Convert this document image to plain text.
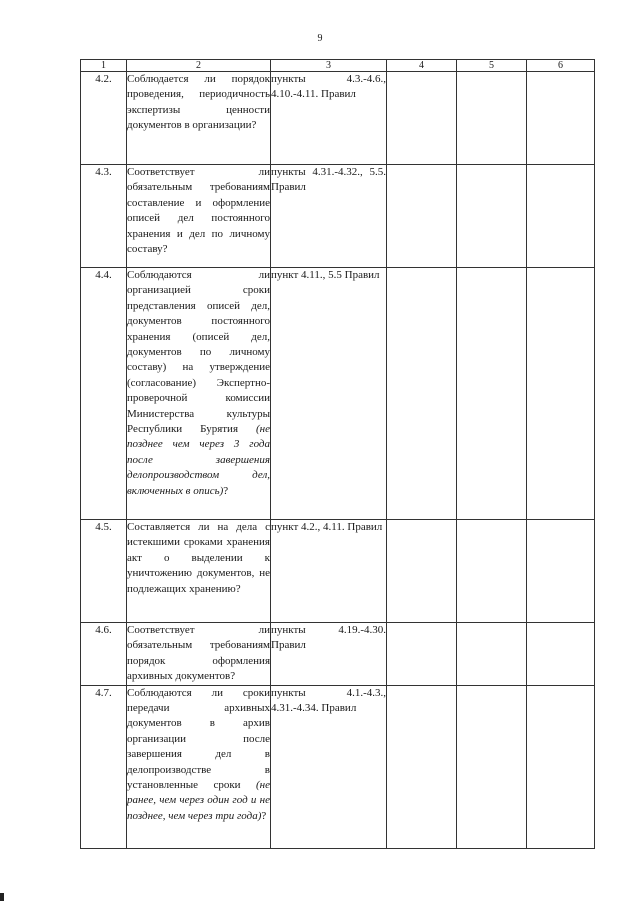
9
1	2	3	4	5	6
4.2.	Соблюдается ли порядок проведения, периодичность экспертизы ценности документов в организации?	пункты 4.3.-4.6., 4.10.-4.11. Правил			
4.3.	Соответствует ли обязательным требованиям составление и оформление описей дел постоянного хранения и дел по личному составу?	пункты 4.31.-4.32., 5.5. Правил			
4.4.	Соблюдаются ли организацией сроки представления описей дел, документов постоянного хранения (описей дел, документов по личному составу) на утверждение (согласование) Экспертно-проверочной комиссии Министерства культуры Республики Бурятия (не позднее чем через 3 года после завершения делопроизводством дел, включенных в опись)?	пункт 4.11., 5.5 Правил			
4.5.	Составляется ли на дела с истекшими сроками хранения акт о выделении к уничтожению документов, не подлежащих хранению?	пункт 4.2., 4.11. Правил			
4.6.	Соответствует ли обязательным требованиям порядок оформления архивных документов?	пункты 4.19.-4.30. Правил			
4.7.	Соблюдаются ли сроки передачи архивных документов в архив организации после завершения дел в делопроизводстве в установленные сроки (не ранее, чем через один год и не позднее, чем через три года)?	пункты 4.1.-4.3., 4.31.-4.34. Правил			
